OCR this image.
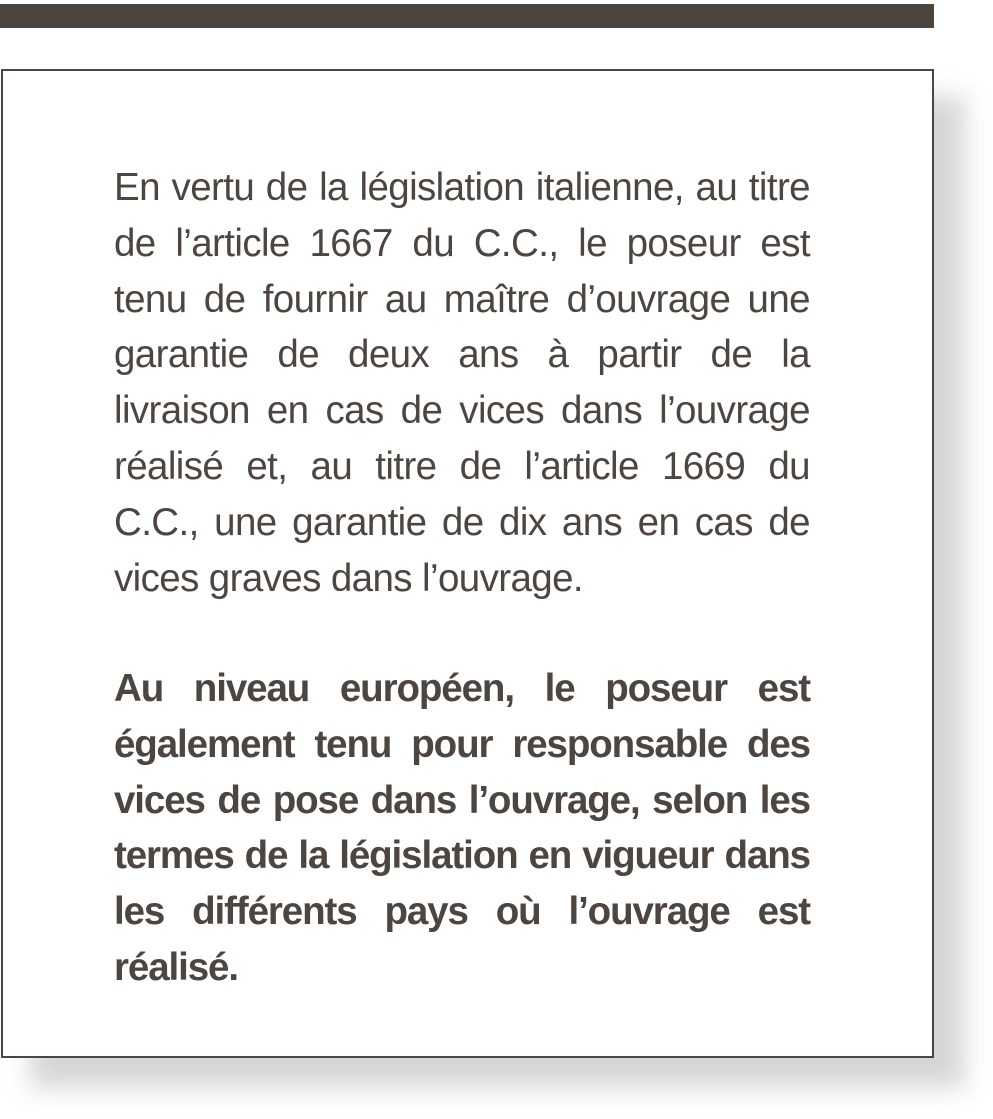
En vertu de la législation italienne, au titre de l’article 1667 du C.C., le poseur est tenu de fournir au maître d’ouvrage une garantie de deux ans à partir de la livraison en cas de vices dans l’ouvrage réalisé et, au titre de l’article 1669 du C.C., une garantie de dix ans en cas de vices graves dans l’ouvrage.

Au niveau européen, le poseur est également tenu pour responsable des vices de pose dans l’ouvrage, selon les termes de la législation en vigueur dans les différents pays où l’ouvrage est réalisé.
